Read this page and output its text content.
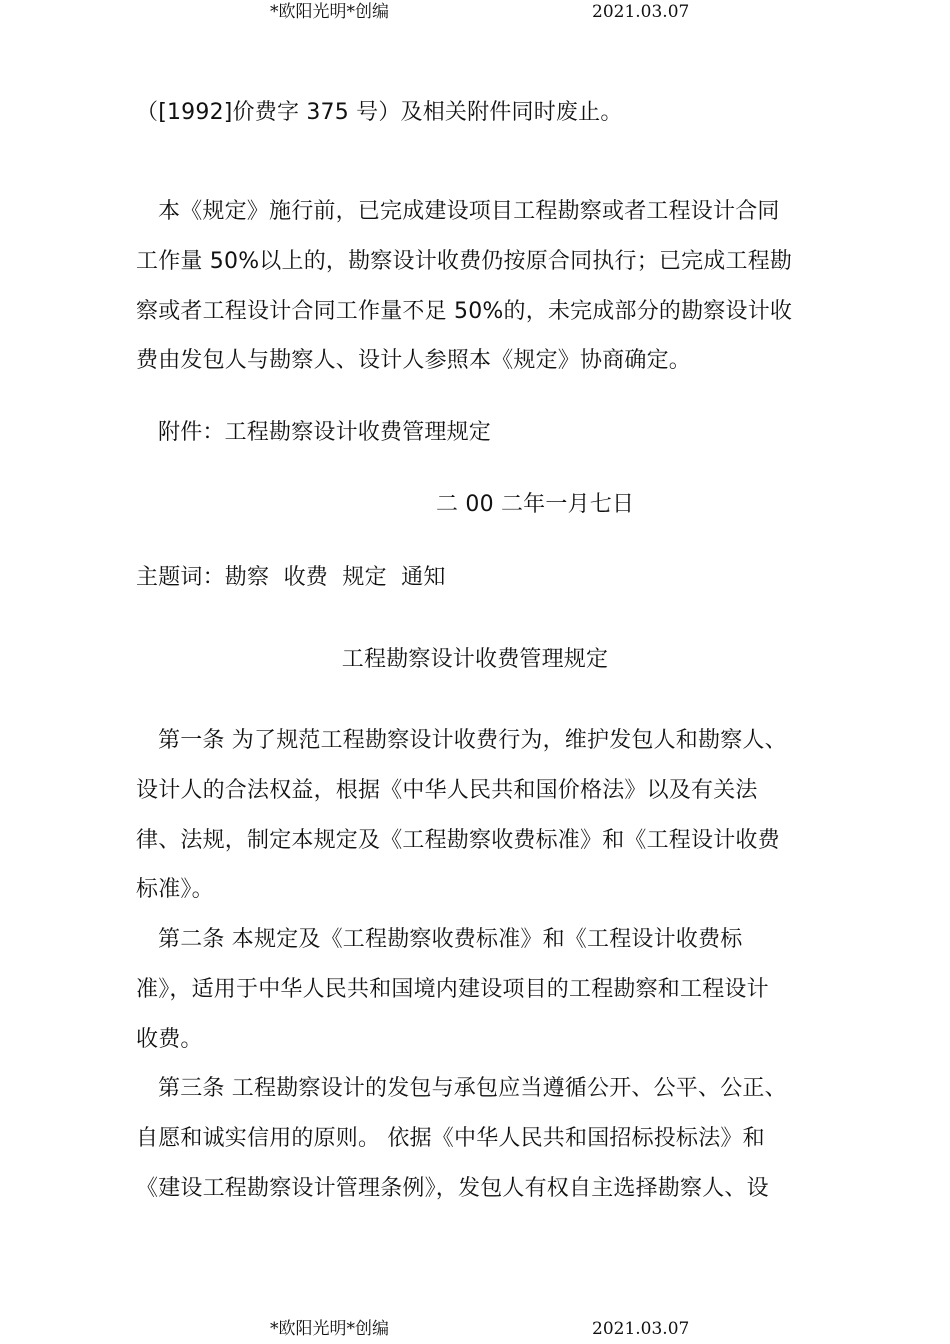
*欧阳光明*创编	2021.03.07
（[1992]价费字 375 号）及相关附件同时废止。
本《规定》施行前，已完成建设项目工程勘察或者工程设计合同
工作量 50%以上的，勘察设计收费仍按原合同执行；已完成工程勘
察或者工程设计合同工作量不足 50%的，未完成部分的勘察设计收
费由发包人与勘察人、设计人参照本《规定》协商确定。
附件：工程勘察设计收费管理规定
二 00 二年一月七日
主题词：勘察  收费  规定  通知
工程勘察设计收费管理规定
第一条 为了规范工程勘察设计收费行为，维护发包人和勘察人、
设计人的合法权益，根据《中华人民共和国价格法》以及有关法
律、法规，制定本规定及《工程勘察收费标准》和《工程设计收费
标准》。
第二条 本规定及《工程勘察收费标准》和《工程设计收费标
准》，适用于中华人民共和国境内建设项目的工程勘察和工程设计
收费。
第三条 工程勘察设计的发包与承包应当遵循公开、公平、公正、
自愿和诚实信用的原则。 依据《中华人民共和国招标投标法》和
《建设工程勘察设计管理条例》，发包人有权自主选择勘察人、设
*欧阳光明*创编	2021.03.07
